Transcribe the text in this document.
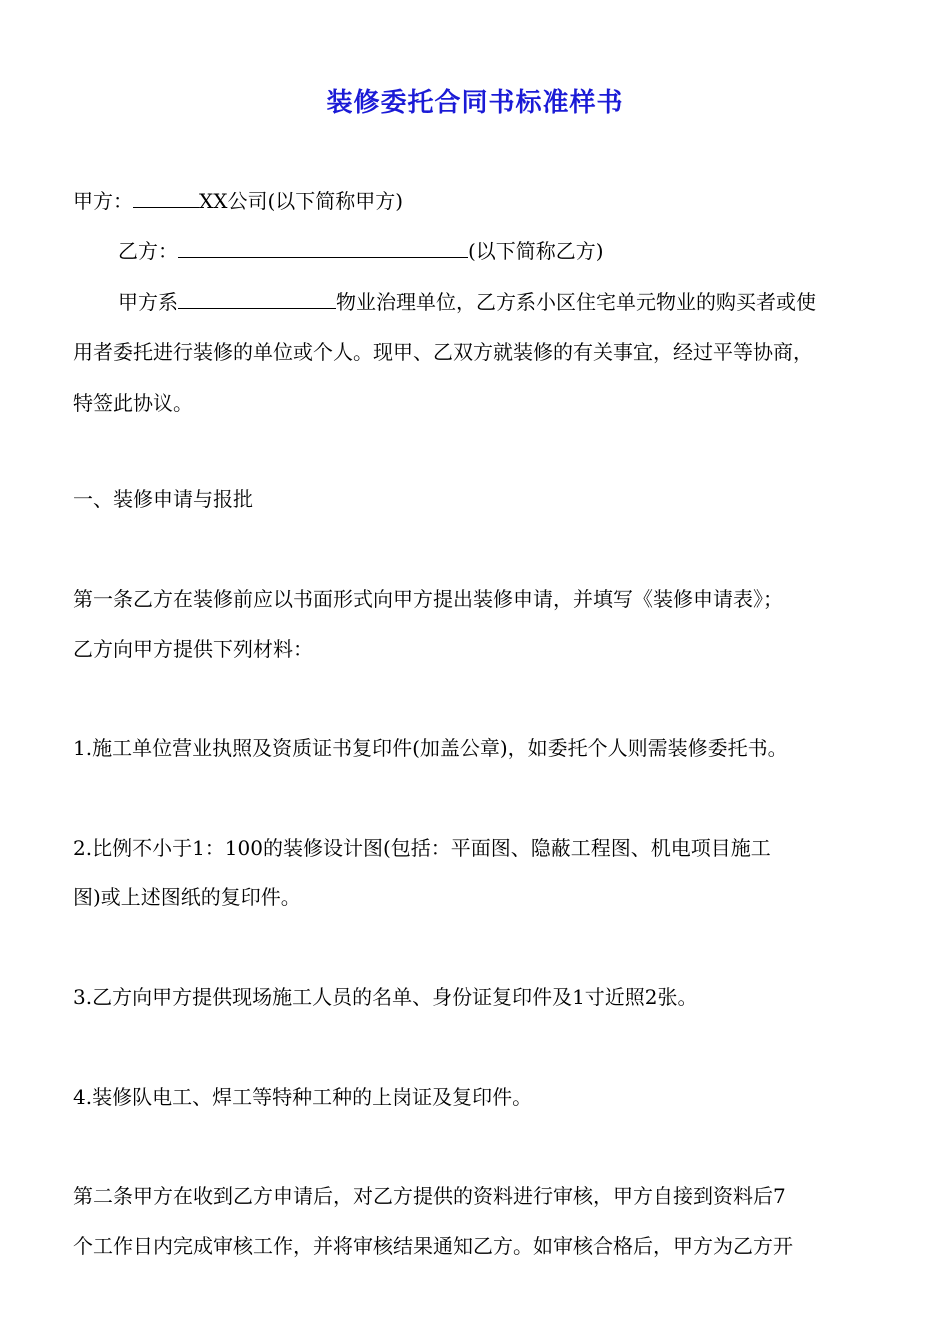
装修委托合同书标准样书
甲方：	XX公司(以下简称甲方)
乙方：	(以下简称乙方)
甲方系	物业治理单位，乙方系小区住宅单元物业的购买者或使
用者委托进行装修的单位或个人。现甲、乙双方就装修的有关事宜，经过平等协商，
特签此协议。
一、装修申请与报批
第一条乙方在装修前应以书面形式向甲方提出装修申请，并填写《装修申请表》；
乙方向甲方提供下列材料：
1.施工单位营业执照及资质证书复印件(加盖公章)，如委托个人则需装修委托书。
2.比例不小于1：100的装修设计图(包括：平面图、隐蔽工程图、机电项目施工
图)或上述图纸的复印件。
3.乙方向甲方提供现场施工人员的名单、身份证复印件及1寸近照2张。
4.装修队电工、焊工等特种工种的上岗证及复印件。
第二条甲方在收到乙方申请后，对乙方提供的资料进行审核，甲方自接到资料后7
个工作日内完成审核工作，并将审核结果通知乙方。如审核合格后，甲方为乙方开
